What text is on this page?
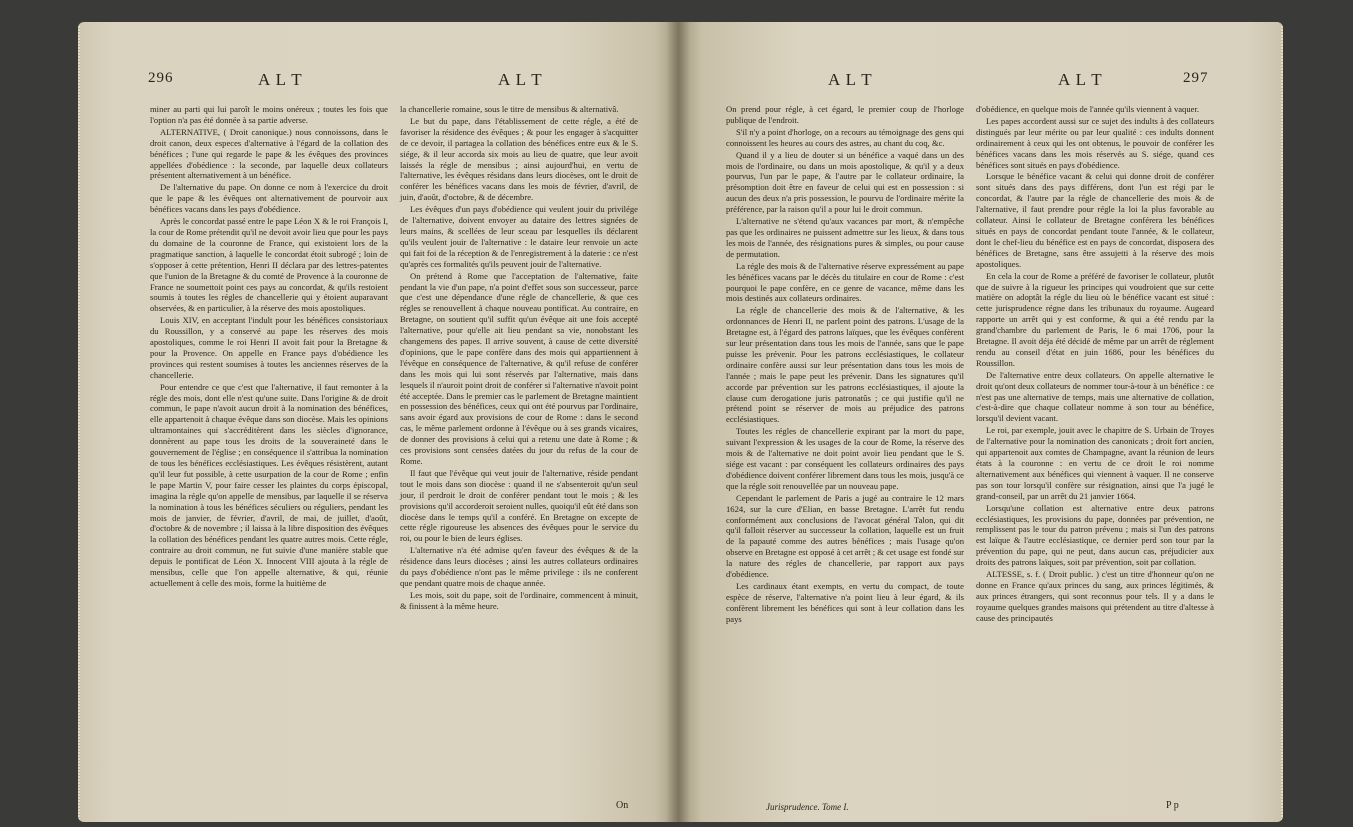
296	A L T	A L T

miner au parti qui lui paroît le moins onéreux ; toutes les fois que l'option n'a pas été donnée à sa partie adverse.

ALTERNATIVE, ( Droit canonique.) nous connoissons, dans le droit canon, deux especes d'alternative à l'égard de la collation des bénéfices ; l'une qui regarde le pape & les évêques des provinces appellées d'obédience : la seconde, par laquelle deux collateurs présentent alternativement à un bénéfice.

De l'alternative du pape. On donne ce nom à l'exercice du droit que le pape & les évêques ont alternativement de pourvoir aux bénéfices vacans dans les pays d'obédience.

Après le concordat passé entre le pape Léon X & le roi François I, la cour de Rome prétendit qu'il ne devoit avoir lieu que pour les pays du domaine de la couronne de France, qui existoient lors de la pragmatique sanction, à laquelle le concordat étoit subrogé ; loin de s'opposer à cette prétention, Henri II déclara par des lettres-patentes que l'union de la Bretagne & du comté de Provence à la couronne de France ne soumettoit point ces pays au concordat, & qu'ils restoient soumis à toutes les régles de chancellerie qui y étoient auparavant observées, & en particulier, à la réserve des mois apostoliques.

Louis XIV, en acceptant l'indult pour les bénéfices consistoriaux du Roussillon, y a conservé au pape les réserves des mois apostoliques, comme le roi Henri II avoit fait pour la Bretagne & pour la Provence. On appelle en France pays d'obédience les provinces qui restent soumises à toutes les anciennes réserves de la chancellerie.

Pour entendre ce que c'est que l'alternative, il faut remonter à la régle des mois, dont elle n'est qu'une suite. Dans l'origine & de droit commun, le pape n'avoit aucun droit à la nomination des bénéfices, elle appartenoit à chaque évêque dans son diocèse. Mais les opinions ultramontaines qui s'accréditèrent dans les siècles d'ignorance, donnèrent au pape tous les droits de la souveraineté dans le gouvernement de l'église ; en conséquence il s'attribua la nomination de tous les bénéfices ecclésiastiques. Les évêques résistèrent, autant qu'il leur fut possible, à cette usurpation de la cour de Rome ; enfin le pape Martin V, pour faire cesser les plaintes du corps épiscopal, imagina la régle qu'on appelle de mensibus, par laquelle il se réserva la nomination à tous les bénéfices séculiers ou réguliers, pendant les mois de janvier, de février, d'avril, de mai, de juillet, d'août, d'octobre & de novembre ; il laissa à la libre disposition des évêques la collation des bénéfices pendant les quatre autres mois. Cette régle, contraire au droit commun, ne fut suivie d'une manière stable que depuis le pontificat de Léon X. Innocent VIII ajouta à la régle de mensibus, celle que l'on appelle alternative, & qui, réunie actuellement à celle des mois, forme la huitième de

la chancellerie romaine, sous le titre de mensibus & alternativâ.

Le but du pape, dans l'établissement de cette régle, a été de favoriser la résidence des évêques ; & pour les engager à s'acquitter de ce devoir, il partagea la collation des bénéfices entre eux & le S. siége, & il leur accorda six mois au lieu de quatre, que leur avoit laissés la régle de mensibus ; ainsi aujourd'hui, en vertu de l'alternative, les évêques résidans dans leurs diocèses, ont le droit de conférer les bénéfices vacans dans les mois de février, d'avril, de juin, d'août, d'octobre, & de décembre.

Les évêques d'un pays d'obédience qui veulent jouir du privilége de l'alternative, doivent envoyer au dataire des lettres signées de leurs mains, & scellées de leur sceau par lesquelles ils déclarent qu'ils veulent jouir de l'alternative : le dataire leur renvoie un acte qui fait foi de la réception & de l'enregistrement à la daterie : ce n'est qu'après ces formalités qu'ils peuvent jouir de l'alternative.

On prétend à Rome que l'acceptation de l'alternative, faite pendant la vie d'un pape, n'a point d'effet sous son successeur, parce que c'est une dépendance d'une régle de chancellerie, & que ces régles se renouvellent à chaque nouveau pontificat. Au contraire, en Bretagne, on soutient qu'il suffit qu'un évêque ait une fois accepté l'alternative, pour qu'elle ait lieu pendant sa vie, nonobstant les changemens des papes. Il arrive souvent, à cause de cette diversité d'opinions, que le pape confère dans des mois qui appartiennent à l'évêque en conséquence de l'alternative, & qu'il refuse de conférer dans les mois qui lui sont réservés par l'alternative, mais dans lesquels il n'auroit point droit de conférer si l'alternative n'avoit point été acceptée. Dans le premier cas le parlement de Bretagne maintient en possession des bénéfices, ceux qui ont été pourvus par l'ordinaire, sans avoir égard aux provisions de cour de Rome : dans le second cas, le même parlement ordonne à l'évêque ou à ses grands vicaires, de donner des provisions à celui qui a retenu une date à Rome ; & ces provisions sont censées datées du jour du refus de la cour de Rome.

Il faut que l'évêque qui veut jouir de l'alternative, réside pendant tout le mois dans son diocèse : quand il ne s'absenteroit qu'un seul jour, il perdroit le droit de conférer pendant tout le mois ; & les provisions qu'il accorderoit seroient nulles, quoiqu'il eût été dans son diocèse dans le temps qu'il a conféré. En Bretagne on excepte de cette régle rigoureuse les absences des évêques pour le service du roi, ou pour le bien de leurs églises.

L'alternative n'a été admise qu'en faveur des évêques & de la résidence dans leurs diocèses ; ainsi les autres collateurs ordinaires du pays d'obédience n'ont pas le même privilege : ils ne conferent que pendant quatre mois de chaque année.

Les mois, soit du pape, soit de l'ordinaire, commencent à minuit, & finissent à la même heure.

On
A L T	A L T	297

On prend pour régle, à cet égard, le premier coup de l'horloge publique de l'endroit.

S'il n'y a point d'horloge, on a recours au témoignage des gens qui connoissent les heures au cours des astres, au chant du coq, &c.

Quand il y a lieu de douter si un bénéfice a vaqué dans un des mois de l'ordinaire, ou dans un mois apostolique, & qu'il y a deux pourvus, l'un par le pape, & l'autre par le collateur ordinaire, la présomption doit être en faveur de celui qui est en possession : si aucun des deux n'a pris possession, le pourvu de l'ordinaire mérite la préférence, par la raison qu'il a pour lui le droit commun.

L'alternative ne s'étend qu'aux vacances par mort, & n'empêche pas que les ordinaires ne puissent admettre sur les lieux, & dans tous les mois de l'année, des résignations pures & simples, ou pour cause de permutation.

La régle des mois & de l'alternative réserve expressément au pape les bénéfices vacans par le décès du titulaire en cour de Rome : c'est pourquoi le pape confère, en ce genre de vacance, même dans les mois destinés aux collateurs ordinaires.

La régle de chancellerie des mois & de l'alternative, & les ordonnances de Henri II, ne parlent point des patrons. L'usage de la Bretagne est, à l'égard des patrons laïques, que les évêques confèrent sur leur présentation dans tous les mois de l'année, sans que le pape puisse les prévenir. Pour les patrons ecclésiastiques, le collateur ordinaire confère aussi sur leur présentation dans tous les mois de l'année ; mais le pape peut les prévenir. Dans les signatures qu'il accorde par prévention sur les patrons ecclésiastiques, il ajoute la clause cum derogatione juris patronatûs ; ce qui justifie qu'il ne prétend point se réserver de mois au préjudice des patrons ecclésiastiques.

Toutes les régles de chancellerie expirant par la mort du pape, suivant l'expression & les usages de la cour de Rome, la réserve des mois & de l'alternative ne doit point avoir lieu pendant que le S. siége est vacant : par conséquent les collateurs ordinaires des pays d'obédience doivent conférer librement dans tous les mois, jusqu'à ce que la régle soit renouvellée par un nouveau pape.

Cependant le parlement de Paris a jugé au contraire le 12 mars 1624, sur la cure d'Elian, en basse Bretagne. L'arrêt fut rendu conformément aux conclusions de l'avocat général Talon, qui dit qu'il falloit réserver au successeur la collation, laquelle est un fruit de la papauté comme des autres bénéfices ; mais l'usage qu'on observe en Bretagne est opposé à cet arrêt ; & cet usage est fondé sur la nature des régles de chancellerie, par rapport aux pays d'obédience.

Les cardinaux étant exempts, en vertu du compact, de toute espèce de réserve, l'alternative n'a point lieu à leur égard, & ils confèrent librement les bénéfices qui sont à leur collation dans les pays

d'obédience, en quelque mois de l'année qu'ils viennent à vaquer.

Les papes accordent aussi sur ce sujet des indults à des collateurs distingués par leur mérite ou par leur qualité : ces indults donnent ordinairement à ceux qui les ont obtenus, le pouvoir de conférer les bénéfices vacans dans les mois réservés au S. siége, quand ces bénéfices sont situés en pays d'obédience.

Lorsque le bénéfice vacant & celui qui donne droit de conférer sont situés dans des pays différens, dont l'un est régi par le concordat, & l'autre par la régle de chancellerie des mois & de l'alternative, il faut prendre pour régle la loi la plus favorable au collateur. Ainsi le collateur de Bretagne conférera les bénéfices situés en pays de concordat pendant toute l'année, & le collateur, dont le chef-lieu du bénéfice est en pays de concordat, disposera des bénéfices de Bretagne, sans être assujetti à la réserve des mois apostoliques.

En cela la cour de Rome a préféré de favoriser le collateur, plutôt que de suivre à la rigueur les principes qui voudroient que sur cette matière on adoptât la régle du lieu où le bénéfice vacant est situé : cette jurisprudence régne dans les tribunaux du royaume. Augeard rapporte un arrêt qui y est conforme, & qui a été rendu par la grand'chambre du parlement de Paris, le 6 mai 1706, pour la Bretagne. Il avoit déja été décidé de même par un arrêt de réglement rendu au conseil d'état en juin 1686, pour les bénéfices du Roussillon.

De l'alternative entre deux collateurs. On appelle alternative le droit qu'ont deux collateurs de nommer tour-à-tour à un bénéfice : ce n'est pas une alternative de temps, mais une alternative de collation, c'est-à-dire que chaque collateur nomme à son tour au bénéfice, lorsqu'il devient vacant.

Le roi, par exemple, jouit avec le chapitre de S. Urbain de Troyes de l'alternative pour la nomination des canonicats ; droit fort ancien, qui appartenoit aux comtes de Champagne, avant la réunion de leurs états à la couronne : en vertu de ce droit le roi nomme alternativement aux bénéfices qui viennent à vaquer. Il ne conserve pas son tour lorsqu'il confère sur résignation, ainsi que l'a jugé le grand-conseil, par un arrêt du 21 janvier 1664.

Lorsqu'une collation est alternative entre deux patrons ecclésiastiques, les provisions du pape, données par prévention, ne remplissent pas le tour du patron prévenu ; mais si l'un des patrons est laïque & l'autre ecclésiastique, ce dernier perd son tour par la prévention du pape, qui ne peut, dans aucun cas, préjudicier aux droits des patrons laïques, soit par prévention, soit par collation.

ALTESSE, s. f. ( Droit public. ) c'est un titre d'honneur qu'on ne donne en France qu'aux princes du sang, aux princes légitimés, & aux princes étrangers, qui sont reconnus pour tels. Il y a dans le royaume quelques grandes maisons qui prétendent au titre d'altesse à cause des principautés

Jurisprudence. Tome I.	P p
